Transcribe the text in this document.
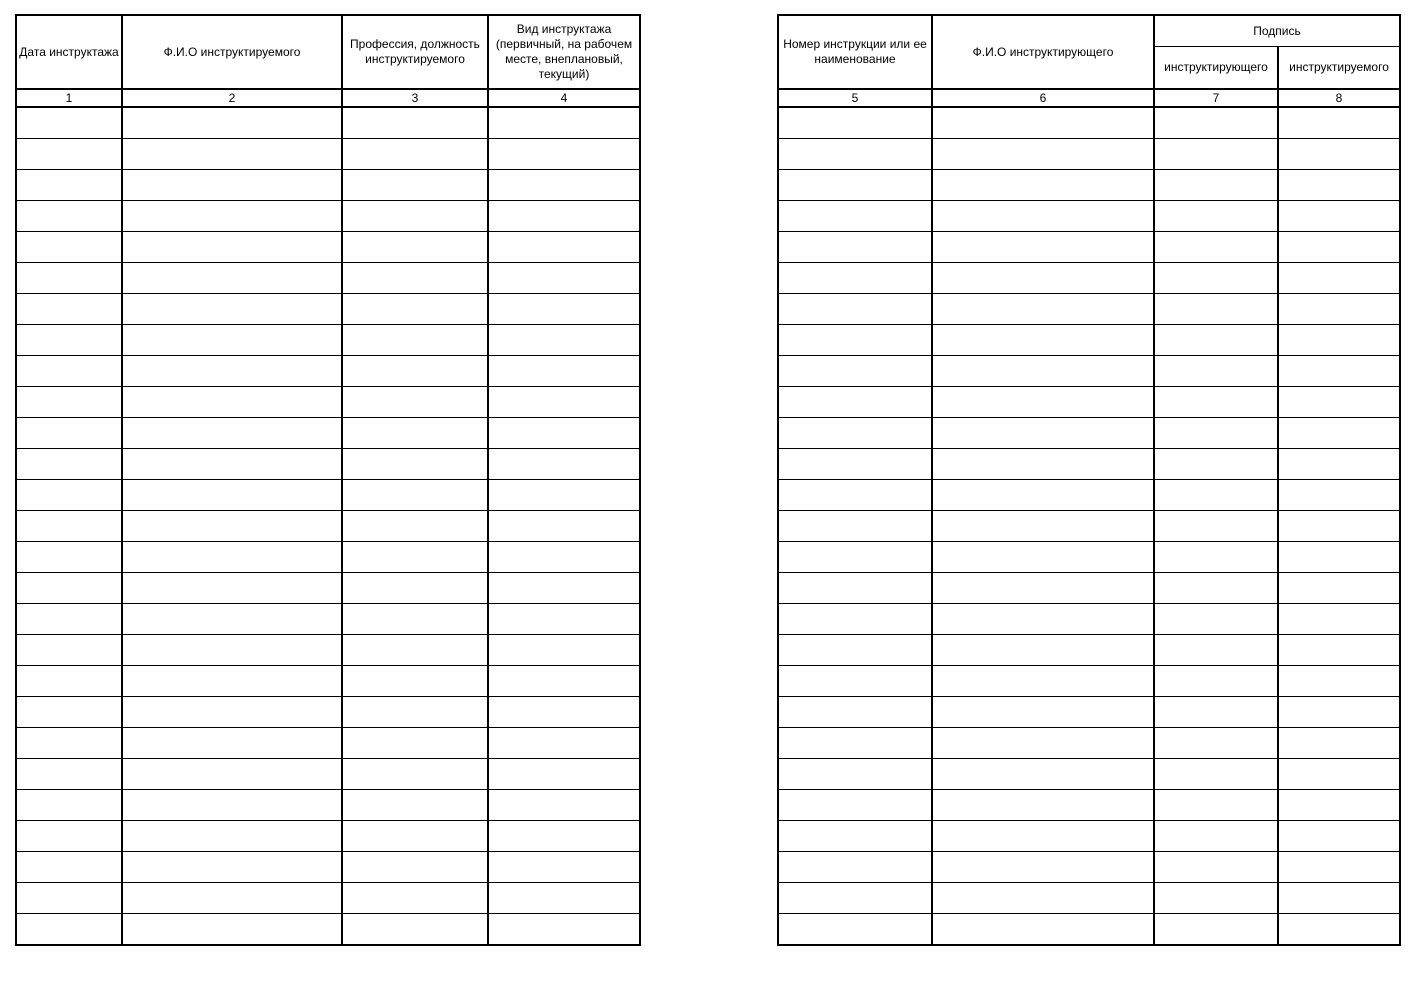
Дата инструктажа	Ф.И.О инструктируемого	Профессия, должность инструктируемого	Вид инструктажа (первичный, на рабочем месте, внеплановый, текущий)

1	2	3	4

Номер инструкции или ее наименование	Ф.И.О инструктирующего	Подпись	

		инструктирующего	инструктируемого

5	6	7	8
